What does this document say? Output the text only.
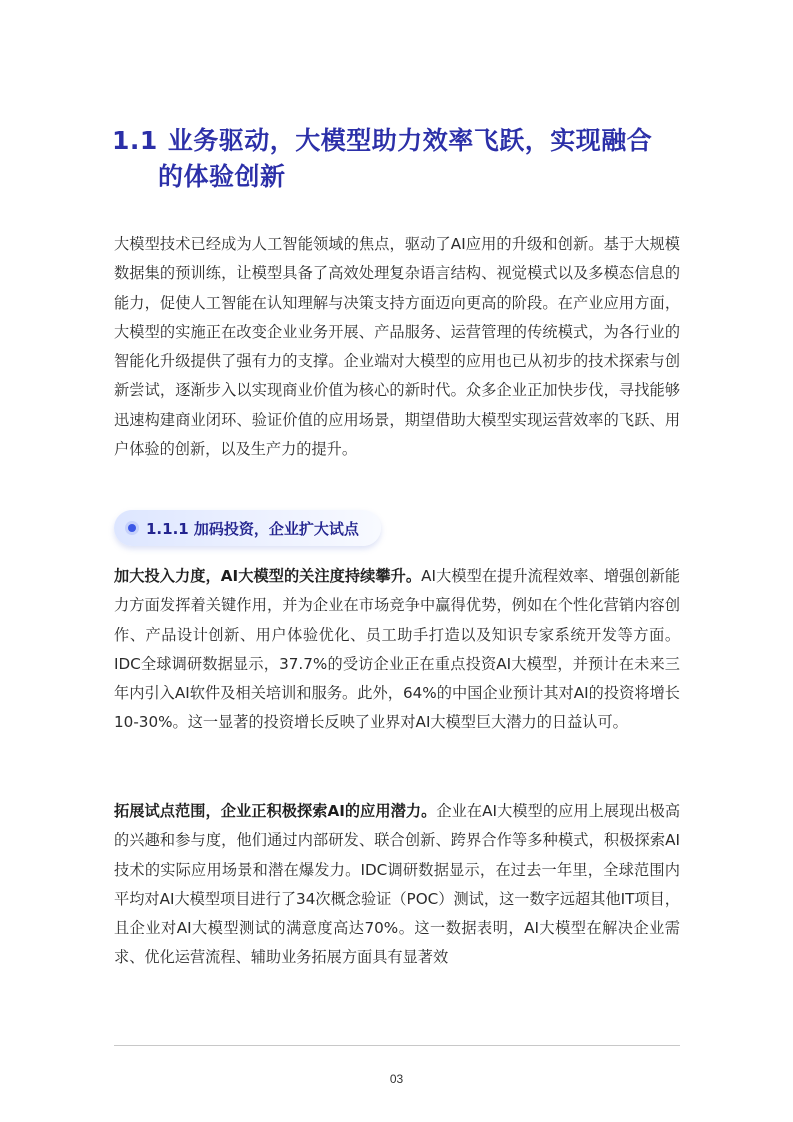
1.1 业务驱动，大模型助力效率飞跃，实现融合
的体验创新

大模型技术已经成为人工智能领域的焦点，驱动了AI应用的升级和创新。基于大规模数据集的预训练，让模型具备了高效处理复杂语言结构、视觉模式以及多模态信息的能力，促使人工智能在认知理解与决策支持方面迈向更高的阶段。在产业应用方面，大模型的实施正在改变企业业务开展、产品服务、运营管理的传统模式，为各行业的智能化升级提供了强有力的支撑。企业端对大模型的应用也已从初步的技术探索与创新尝试，逐渐步入以实现商业价值为核心的新时代。众多企业正加快步伐，寻找能够迅速构建商业闭环、验证价值的应用场景，期望借助大模型实现运营效率的飞跃、用户体验的创新，以及生产力的提升。

1.1.1 加码投资，企业扩大试点

加大投入力度，AI大模型的关注度持续攀升。AI大模型在提升流程效率、增强创新能力方面发挥着关键作用，并为企业在市场竞争中赢得优势，例如在个性化营销内容创作、产品设计创新、用户体验优化、员工助手打造以及知识专家系统开发等方面。IDC全球调研数据显示，37.7%的受访企业正在重点投资AI大模型，并预计在未来三年内引入AI软件及相关培训和服务。此外，64%的中国企业预计其对AI的投资将增长10-30%。这一显著的投资增长反映了业界对AI大模型巨大潜力的日益认可。

拓展试点范围，企业正积极探索AI的应用潜力。企业在AI大模型的应用上展现出极高的兴趣和参与度，他们通过内部研发、联合创新、跨界合作等多种模式，积极探索AI技术的实际应用场景和潜在爆发力。IDC调研数据显示，在过去一年里，全球范围内平均对AI大模型项目进行了34次概念验证（POC）测试，这一数字远超其他IT项目，且企业对AI大模型测试的满意度高达70%。这一数据表明，AI大模型在解决企业需求、优化运营流程、辅助业务拓展方面具有显著效

03
